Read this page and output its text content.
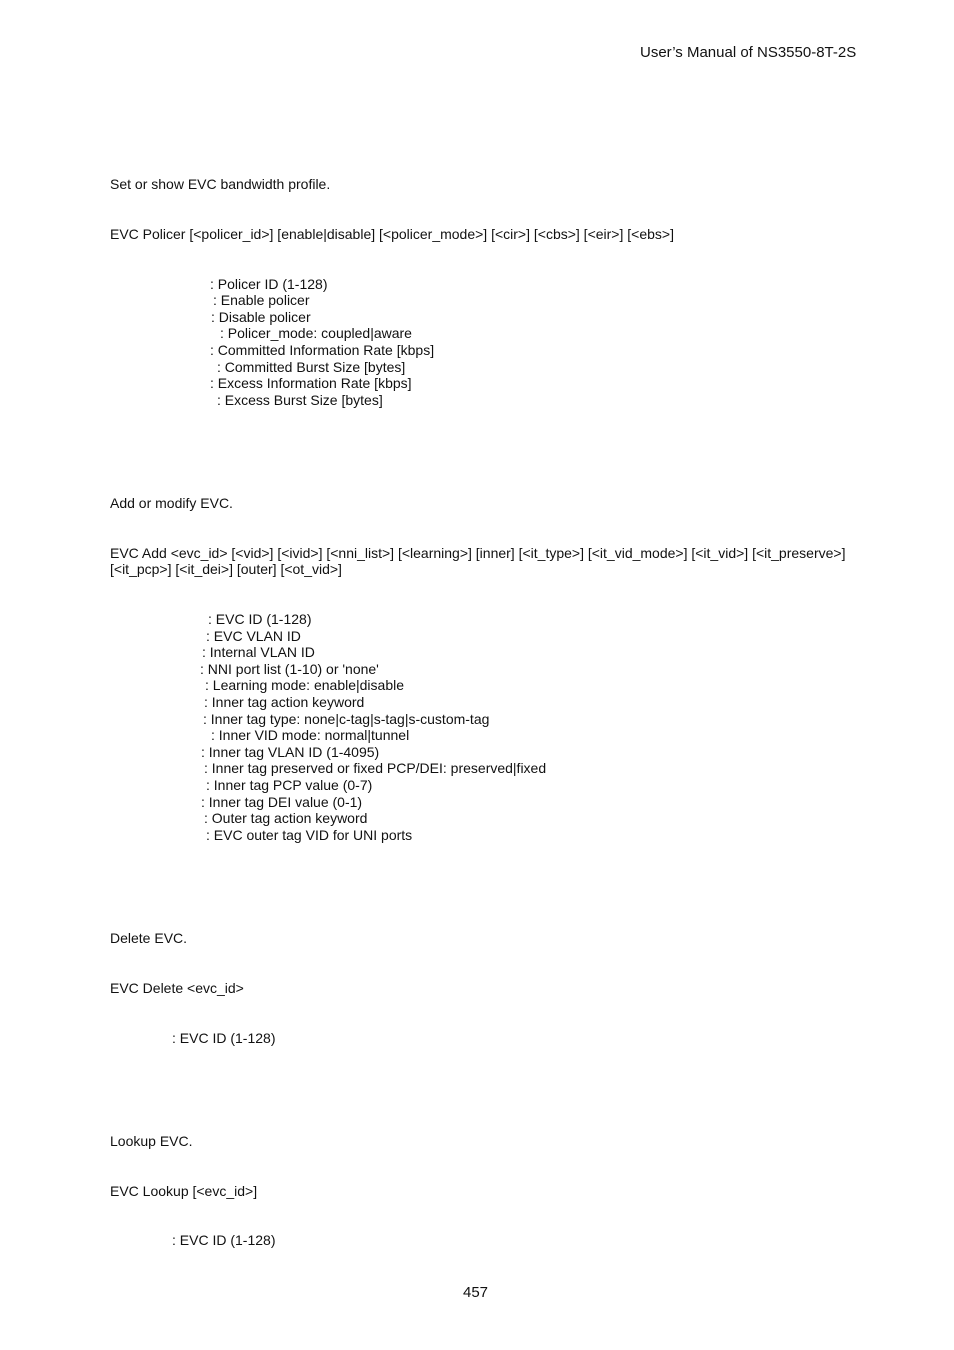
User’s Manual of NS3550-8T-2S
Set or show EVC bandwidth profile.
EVC Policer [<policer_id>] [enable|disable] [<policer_mode>] [<cir>] [<cbs>] [<eir>] [<ebs>]
: Policer ID (1-128)
: Enable policer
: Disable policer
: Policer_mode: coupled|aware
: Committed Information Rate [kbps]
: Committed Burst Size [bytes]
: Excess Information Rate [kbps]
: Excess Burst Size [bytes]
Add or modify EVC.
EVC Add <evc_id> [<vid>] [<ivid>] [<nni_list>] [<learning>] [inner] [<it_type>] [<it_vid_mode>] [<it_vid>] [<it_preserve>]
[<it_pcp>] [<it_dei>] [outer] [<ot_vid>]
: EVC ID (1-128)
: EVC VLAN ID
: Internal VLAN ID
: NNI port list (1-10) or 'none'
: Learning mode: enable|disable
: Inner tag action keyword
: Inner tag type: none|c-tag|s-tag|s-custom-tag
: Inner VID mode: normal|tunnel
: Inner tag VLAN ID (1-4095)
: Inner tag preserved or fixed PCP/DEI: preserved|fixed
: Inner tag PCP value (0-7)
: Inner tag DEI value (0-1)
: Outer tag action keyword
: EVC outer tag VID for UNI ports
Delete EVC.
EVC Delete <evc_id>
: EVC ID (1-128)
Lookup EVC.
EVC Lookup [<evc_id>]
: EVC ID (1-128)
457
